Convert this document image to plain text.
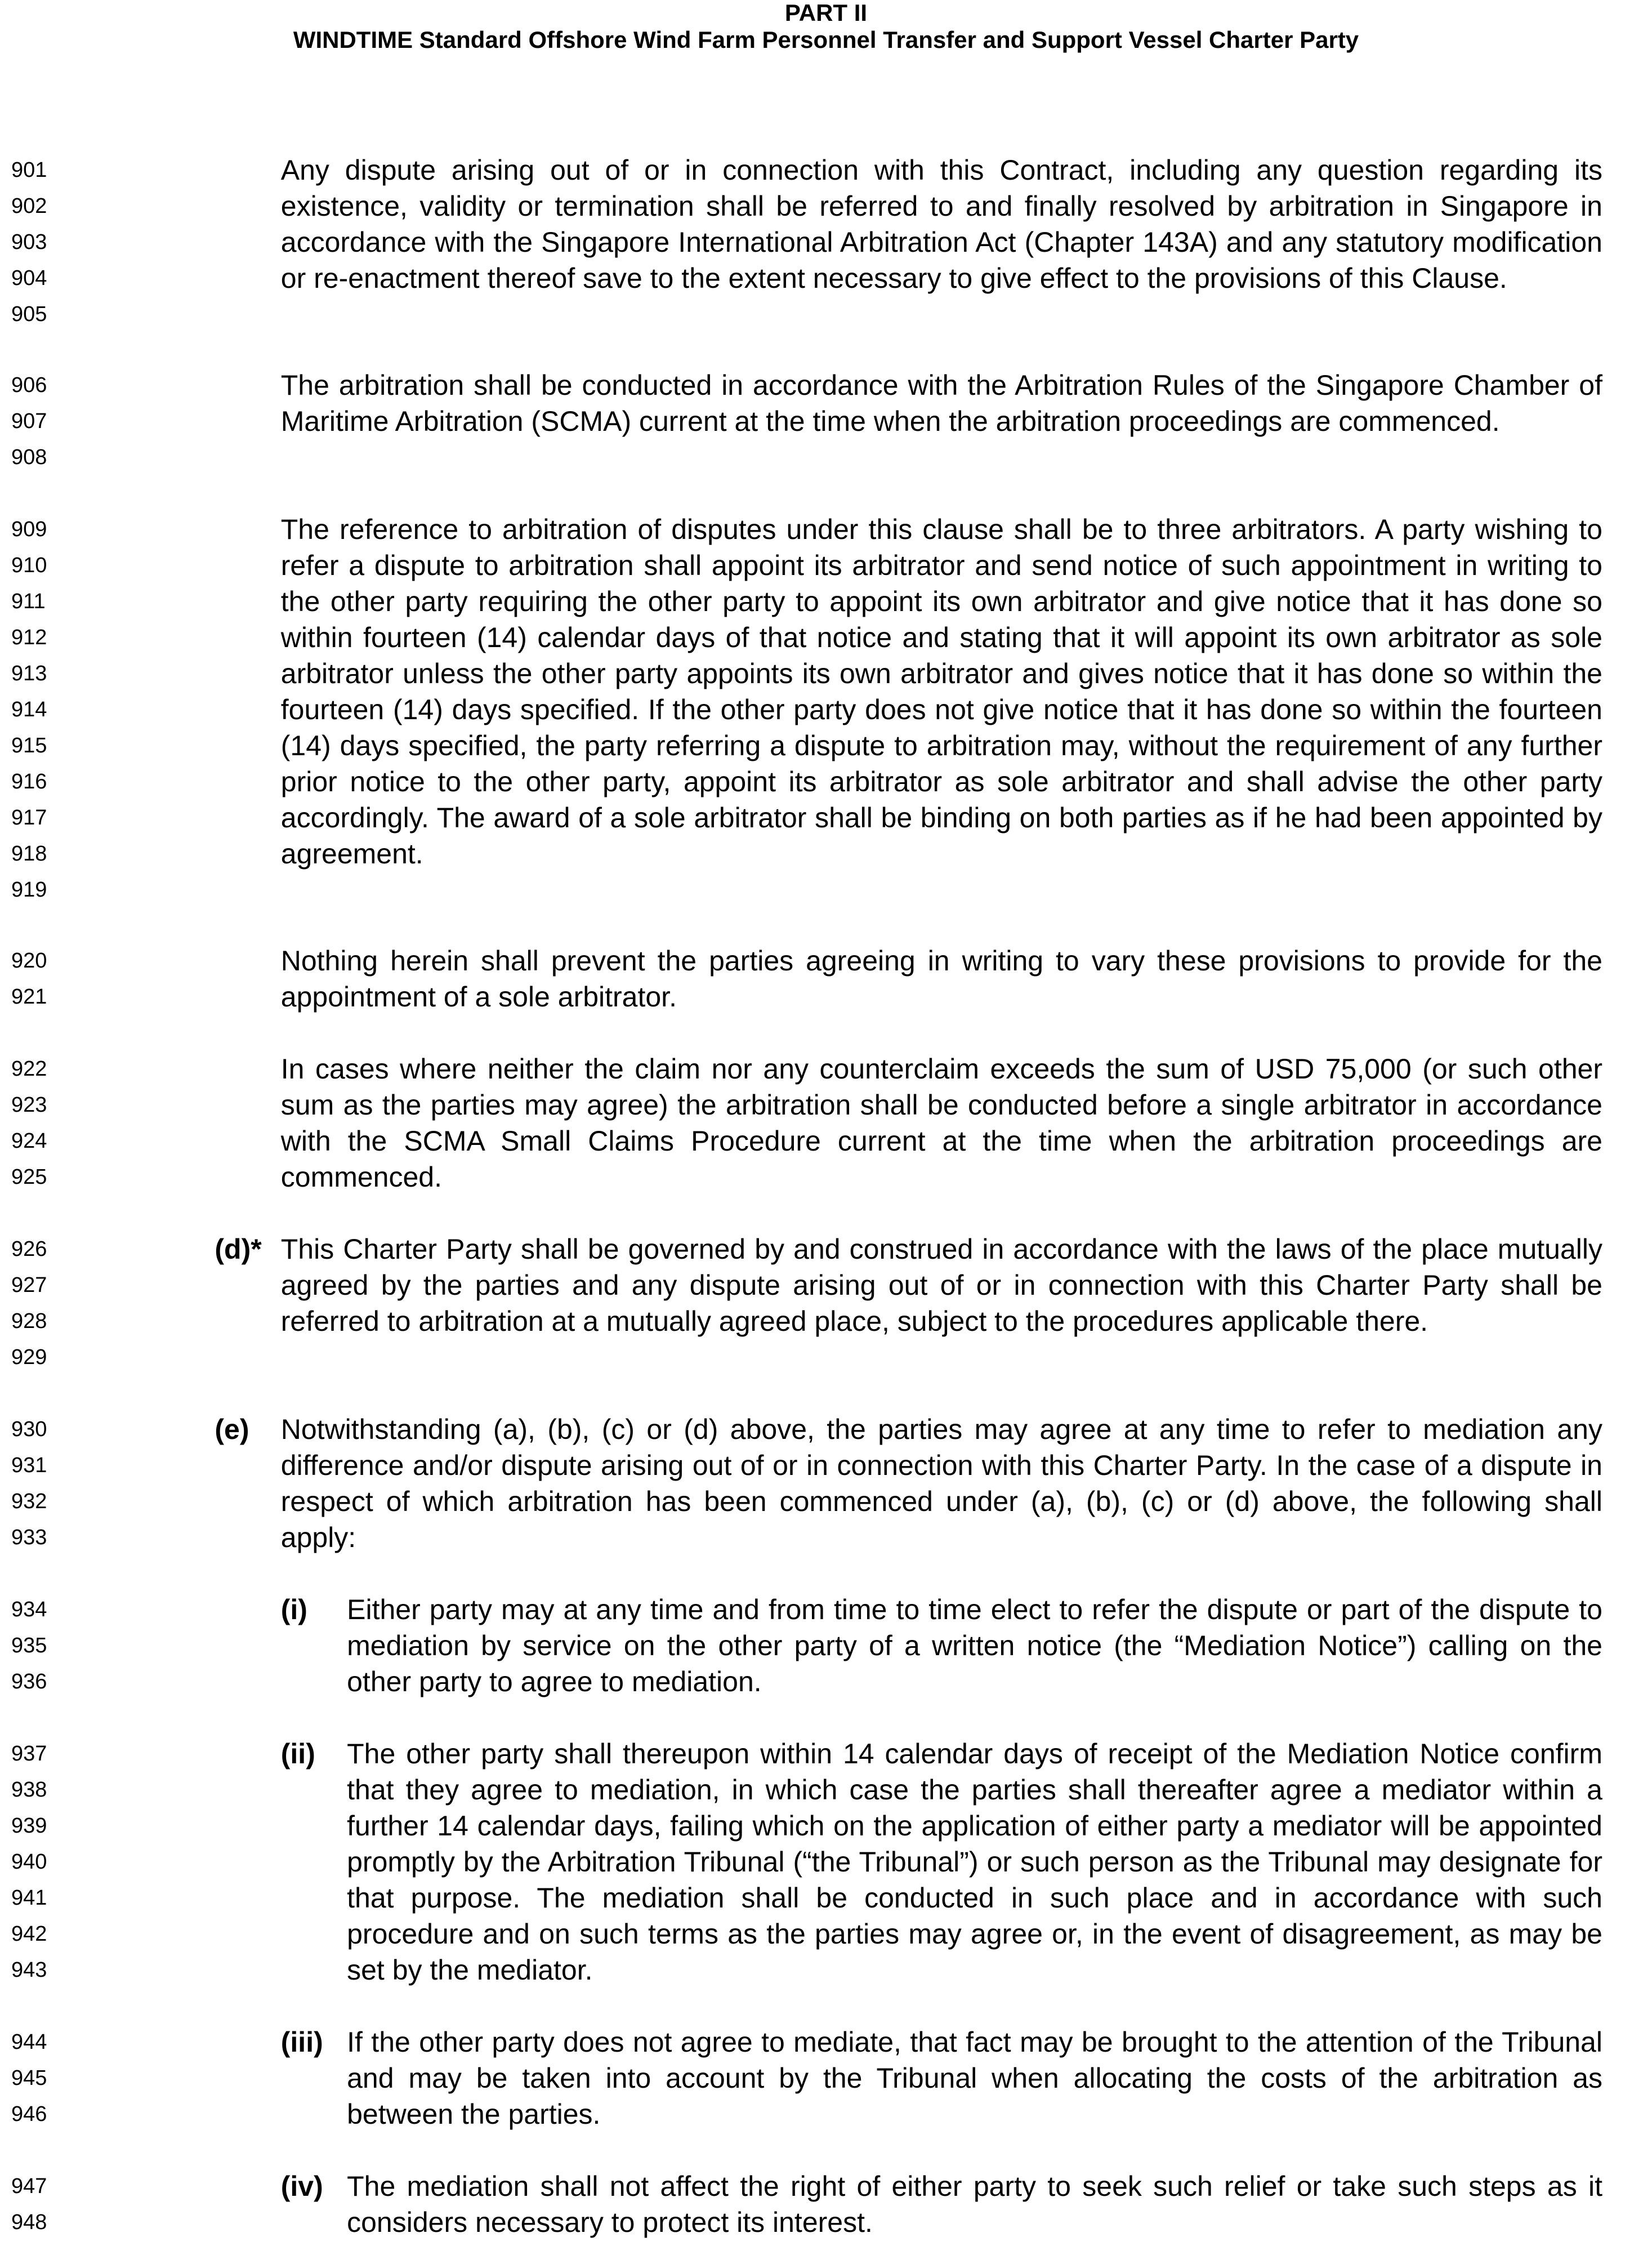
PART II
WINDTIME Standard Offshore Wind Farm Personnel Transfer and Support Vessel Charter Party
901
902
903
904
905
Any dispute arising out of or in connection with this Contract, including any question regarding its existence, validity or termination shall be referred to and finally resolved by arbitration in Singapore in accordance with the Singapore International Arbitration Act (Chapter 143A) and any statutory modification or re-enactment thereof save to the extent necessary to give effect to the provisions of this Clause.
906
907
908
The arbitration shall be conducted in accordance with the Arbitration Rules of the Singapore Chamber of Maritime Arbitration (SCMA) current at the time when the arbitration proceedings are commenced.
909
910
911
912
913
914
915
916
917
918
919
The reference to arbitration of disputes under this clause shall be to three arbitrators. A party wishing to refer a dispute to arbitration shall appoint its arbitrator and send notice of such appointment in writing to the other party requiring the other party to appoint its own arbitrator and give notice that it has done so within fourteen (14) calendar days of that notice and stating that it will appoint its own arbitrator as sole arbitrator unless the other party appoints its own arbitrator and gives notice that it has done so within the fourteen (14) days specified. If the other party does not give notice that it has done so within the fourteen (14) days specified, the party referring a dispute to arbitration may, without the requirement of any further prior notice to the other party, appoint its arbitrator as sole arbitrator and shall advise the other party accordingly. The award of a sole arbitrator shall be binding on both parties as if he had been appointed by agreement.
920
921
Nothing herein shall prevent the parties agreeing in writing to vary these provisions to provide for the appointment of a sole arbitrator.
922
923
924
925
In cases where neither the claim nor any counterclaim exceeds the sum of USD 75,000 (or such other sum as the parties may agree) the arbitration shall be conducted before a single arbitrator in accordance with the SCMA Small Claims Procedure current at the time when the arbitration proceedings are commenced.
926
927
928
929
(d)* This Charter Party shall be governed by and construed in accordance with the laws of the place mutually agreed by the parties and any dispute arising out of or in connection with this Charter Party shall be referred to arbitration at a mutually agreed place, subject to the procedures applicable there.
930
931
932
933
(e) Notwithstanding (a), (b), (c) or (d) above, the parties may agree at any time to refer to mediation any difference and/or dispute arising out of or in connection with this Charter Party. In the case of a dispute in respect of which arbitration has been commenced under (a), (b), (c) or (d) above, the following shall apply:
934
935
936
(i) Either party may at any time and from time to time elect to refer the dispute or part of the dispute to mediation by service on the other party of a written notice (the “Mediation Notice”) calling on the other party to agree to mediation.
937
938
939
940
941
942
943
(ii) The other party shall thereupon within 14 calendar days of receipt of the Mediation Notice confirm that they agree to mediation, in which case the parties shall thereafter agree a mediator within a further 14 calendar days, failing which on the application of either party a mediator will be appointed promptly by the Arbitration Tribunal (“the Tribunal”) or such person as the Tribunal may designate for that purpose. The mediation shall be conducted in such place and in accordance with such procedure and on such terms as the parties may agree or, in the event of disagreement, as may be set by the mediator.
944
945
946
(iii) If the other party does not agree to mediate, that fact may be brought to the attention of the Tribunal and may be taken into account by the Tribunal when allocating the costs of the arbitration as between the parties.
947
948
(iv) The mediation shall not affect the right of either party to seek such relief or take such steps as it considers necessary to protect its interest.
